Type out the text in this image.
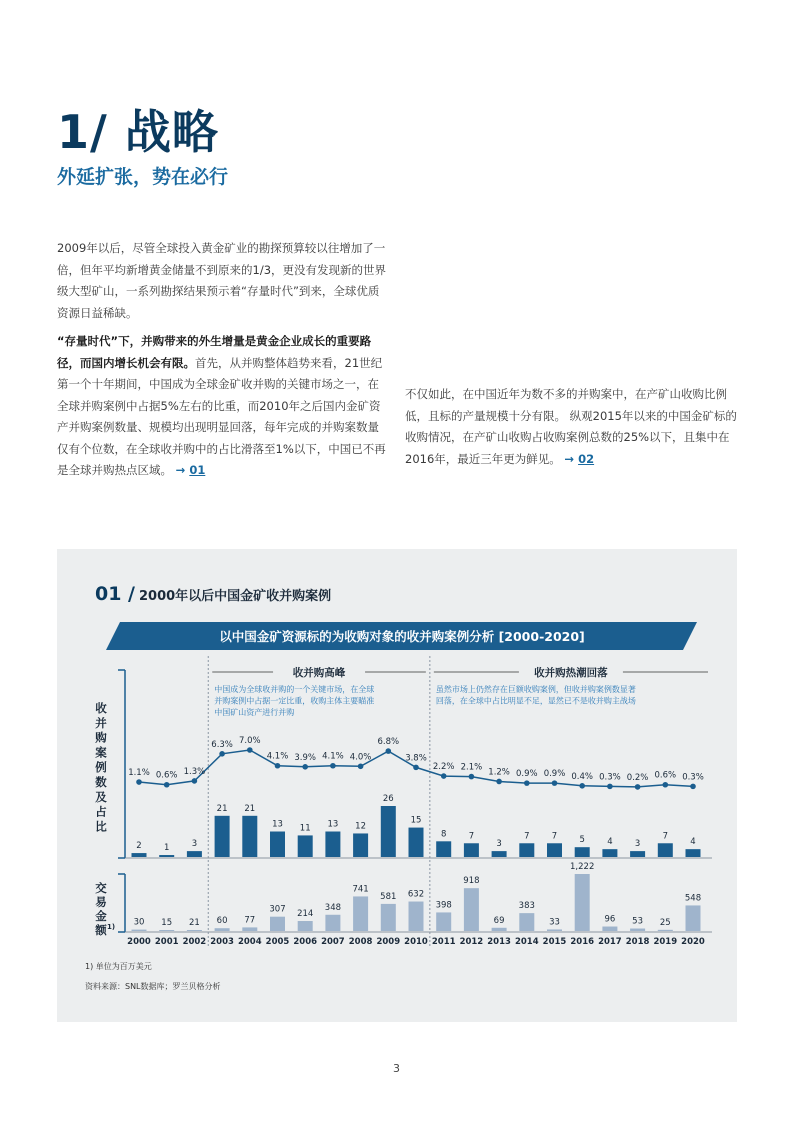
1/ 战略
外延扩张，势在必行

2009年以后，尽管全球投入黄金矿业的勘探预算较以往增加了一倍，但年平均新增黄金储量不到原来的1/3，更没有发现新的世界级大型矿山，一系列勘探结果预示着“存量时代”到来，全球优质资源日益稀缺。

“存量时代”下，并购带来的外生增量是黄金企业成长的重要路径，而国内增长机会有限。首先，从并购整体趋势来看，21世纪第一个十年期间，中国成为全球金矿收并购的关键市场之一，在全球并购案例中占据5%左右的比重，而2010年之后国内金矿资产并购案例数量、规模均出现明显回落，每年完成的并购案数量仅有个位数，在全球收并购中的占比滑落至1%以下，中国已不再是全球并购热点区域。 → 01

不仅如此，在中国近年为数不多的并购案中，在产矿山收购比例低，且标的产量规模十分有限。 纵观2015年以来的中国金矿标的收购情况，在产矿山收购占收购案例总数的25%以下，且集中在2016年，最近三年更为鲜见。 → 02

01 / 2000年以后中国金矿收并购案例
以中国金矿资源标的为收购对象的收并购案例分析 [2000-2020]
收
并
购
案
例
数
及
占
比
交
易
金
额 1)
收并购高峰	收并购热潮回落
中国成为全球收并购的一个关键市场，在全球
并购案例中占据一定比重，收购主体主要瞄准
中国矿山资产进行并购
虽然市场上仍然存在巨额收购案例，但收并购案例数显著
回落，在全球中占比明显不足，显然已不是收并购主战场
1.1% 0.6% 1.3%
6.3% 7.0%
4.1% 3.9% 4.1% 4.0%
6.8%
3.8%
2.2% 2.1% 1.2% 0.9% 0.9% 0.4% 0.3% 0.2% 0.6% 0.3%
2	1	3
21 21
13 11 13 12
26
15
8	7
3
7	7	5	4	3
7
4
30 15 21 60 77
307 214
348
741
581 632
398
918
69
383
33
1,222
96 53 25
548
2000 2001 2002 2003 2004 2005 2006 2007 2008 2009 2010 2011 2012 2013 2014 2015 2016 2017 2018 2019 2020
1) 单位为百万美元
资料来源：SNL数据库；罗兰贝格分析
3
